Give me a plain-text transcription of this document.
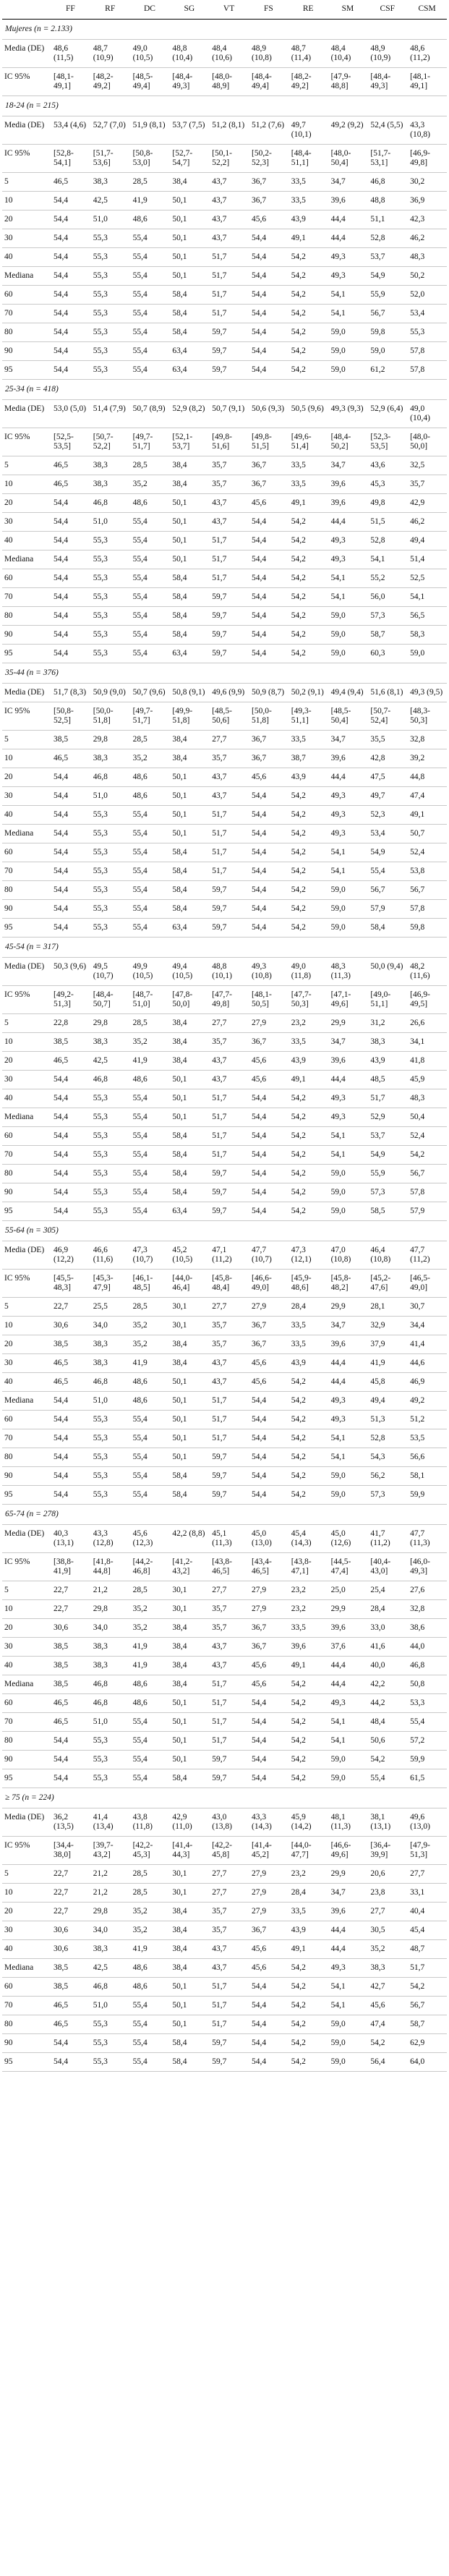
	FF	RF	DC	SG	VT	FS	RE	SM	CSF	CSM
Mujeres (n = 2.133)										
Media (DE)	48,6 (11,5)	48,7 (10,9)	49,0 (10,5)	48,8 (10,4)	48,4 (10,6)	48,9 (10,8)	48,7 (11,4)	48,4 (10,4)	48,9 (10,9)	48,6 (11,2)
IC 95%	[48,1-49,1]	[48,2-49,2]	[48,5-49,4]	[48,4-49,3]	[48,0-48,9]	[48,4-49,4]	[48,2-49,2]	[47,9-48,8]	[48,4-49,3]	[48,1-49,1]
18-24 (n = 215)										
Media (DE)	53,4 (4,6)	52,7 (7,0)	51,9 (8,1)	53,7 (7,5)	51,2 (8,1)	51,2 (7,6)	49,7 (10,1)	49,2 (9,2)	52,4 (5,5)	43,3 (10,8)
IC 95%	[52,8-54,1]	[51,7-53,6]	[50,8-53,0]	[52,7-54,7]	[50,1-52,2]	[50,2-52,3]	[48,4-51,1]	[48,0-50,4]	[51,7-53,1]	[46,9-49,8]
5	46,5	38,3	28,5	38,4	43,7	36,7	33,5	34,7	46,8	30,2
10	54,4	42,5	41,9	50,1	43,7	36,7	33,5	39,6	48,8	36,9
20	54,4	51,0	48,6	50,1	43,7	45,6	43,9	44,4	51,1	42,3
30	54,4	55,3	55,4	50,1	43,7	54,4	49,1	44,4	52,8	46,2
40	54,4	55,3	55,4	50,1	51,7	54,4	54,2	49,3	53,7	48,3
Mediana	54,4	55,3	55,4	50,1	51,7	54,4	54,2	49,3	54,9	50,2
60	54,4	55,3	55,4	58,4	51,7	54,4	54,2	54,1	55,9	52,0
70	54,4	55,3	55,4	58,4	51,7	54,4	54,2	54,1	56,7	53,4
80	54,4	55,3	55,4	58,4	59,7	54,4	54,2	59,0	59,8	55,3
90	54,4	55,3	55,4	63,4	59,7	54,4	54,2	59,0	59,0	57,8
95	54,4	55,3	55,4	63,4	59,7	54,4	54,2	59,0	61,2	57,8
25-34 (n = 418)										
Media (DE)	53,0 (5,0)	51,4 (7,9)	50,7 (8,9)	52,9 (8,2)	50,7 (9,1)	50,6 (9,3)	50,5 (9,6)	49,3 (9,3)	52,9 (6,4)	49,0 (10,4)
IC 95%	[52,5-53,5]	[50,7-52,2]	[49,7-51,7]	[52,1-53,7]	[49,8-51,6]	[49,8-51,5]	[49,6-51,4]	[48,4-50,2]	[52,3-53,5]	[48,0-50,0]
5	46,5	38,3	28,5	38,4	35,7	36,7	33,5	34,7	43,6	32,5
10	46,5	38,3	35,2	38,4	35,7	36,7	33,5	39,6	45,3	35,7
20	54,4	46,8	48,6	50,1	43,7	45,6	49,1	39,6	49,8	42,9
30	54,4	51,0	55,4	50,1	43,7	54,4	54,2	44,4	51,5	46,2
40	54,4	55,3	55,4	50,1	51,7	54,4	54,2	49,3	52,8	49,4
Mediana	54,4	55,3	55,4	50,1	51,7	54,4	54,2	49,3	54,1	51,4
60	54,4	55,3	55,4	58,4	51,7	54,4	54,2	54,1	55,2	52,5
70	54,4	55,3	55,4	58,4	59,7	54,4	54,2	54,1	56,0	54,1
80	54,4	55,3	55,4	58,4	59,7	54,4	54,2	59,0	57,3	56,5
90	54,4	55,3	55,4	58,4	59,7	54,4	54,2	59,0	58,7	58,3
95	54,4	55,3	55,4	63,4	59,7	54,4	54,2	59,0	60,3	59,0
35-44 (n = 376)										
Media (DE)	51,7 (8,3)	50,9 (9,0)	50,7 (9,6)	50,8 (9,1)	49,6 (9,9)	50,9 (8,7)	50,2 (9,1)	49,4 (9,4)	51,6 (8,1)	49,3 (9,5)
IC 95%	[50,8-52,5]	[50,0-51,8]	[49,7-51,7]	[49,9-51,8]	[48,5-50,6]	[50,0-51,8]	[49,3-51,1]	[48,5-50,4]	[50,7-52,4]	[48,3-50,3]
5	38,5	29,8	28,5	38,4	27,7	36,7	33,5	34,7	35,5	32,8
10	46,5	38,3	35,2	38,4	35,7	36,7	38,7	39,6	42,8	39,2
20	54,4	46,8	48,6	50,1	43,7	45,6	43,9	44,4	47,5	44,8
30	54,4	51,0	48,6	50,1	43,7	54,4	54,2	49,3	49,7	47,4
40	54,4	55,3	55,4	50,1	51,7	54,4	54,2	49,3	52,3	49,1
Mediana	54,4	55,3	55,4	50,1	51,7	54,4	54,2	49,3	53,4	50,7
60	54,4	55,3	55,4	58,4	51,7	54,4	54,2	54,1	54,9	52,4
70	54,4	55,3	55,4	58,4	51,7	54,4	54,2	54,1	55,4	53,8
80	54,4	55,3	55,4	58,4	59,7	54,4	54,2	59,0	56,7	56,7
90	54,4	55,3	55,4	58,4	59,7	54,4	54,2	59,0	57,9	57,8
95	54,4	55,3	55,4	63,4	59,7	54,4	54,2	59,0	58,4	59,8
45-54 (n = 317)										
Media (DE)	50,3 (9,6)	49,5 (10,7)	49,9 (10,5)	49,4 (10,5)	48,8 (10,1)	49,3 (10,8)	49,0 (11,8)	48,3 (11,3)	50,0 (9,4)	48,2 (11,6)
IC 95%	[49,2-51,3]	[48,4-50,7]	[48,7-51,0]	[47,8-50,0]	[47,7-49,8]	[48,1-50,5]	[47,7-50,3]	[47,1-49,6]	[49,0-51,1]	[46,9-49,5]
5	22,8	29,8	28,5	38,4	27,7	27,9	23,2	29,9	31,2	26,6
10	38,5	38,3	35,2	38,4	35,7	36,7	33,5	34,7	38,3	34,1
20	46,5	42,5	41,9	38,4	43,7	45,6	43,9	39,6	43,9	41,8
30	54,4	46,8	48,6	50,1	43,7	45,6	49,1	44,4	48,5	45,9
40	54,4	55,3	55,4	50,1	51,7	54,4	54,2	49,3	51,7	48,3
Mediana	54,4	55,3	55,4	50,1	51,7	54,4	54,2	49,3	52,9	50,4
60	54,4	55,3	55,4	58,4	51,7	54,4	54,2	54,1	53,7	52,4
70	54,4	55,3	55,4	58,4	51,7	54,4	54,2	54,1	54,9	54,2
80	54,4	55,3	55,4	58,4	59,7	54,4	54,2	59,0	55,9	56,7
90	54,4	55,3	55,4	58,4	59,7	54,4	54,2	59,0	57,3	57,8
95	54,4	55,3	55,4	63,4	59,7	54,4	54,2	59,0	58,5	57,9
55-64 (n = 305)										
Media (DE)	46,9 (12,2)	46,6 (11,6)	47,3 (10,7)	45,2 (10,5)	47,1 (11,2)	47,7 (10,7)	47,3 (12,1)	47,0 (10,8)	46,4 (10,8)	47,7 (11,2)
IC 95%	[45,5-48,3]	[45,3-47,9]	[46,1-48,5]	[44,0-46,4]	[45,8-48,4]	[46,6-49,0]	[45,9-48,6]	[45,8-48,2]	[45,2-47,6]	[46,5-49,0]
5	22,7	25,5	28,5	30,1	27,7	27,9	28,4	29,9	28,1	30,7
10	30,6	34,0	35,2	30,1	35,7	36,7	33,5	34,7	32,9	34,4
20	38,5	38,3	35,2	38,4	35,7	36,7	33,5	39,6	37,9	41,4
30	46,5	38,3	41,9	38,4	43,7	45,6	43,9	44,4	41,9	44,6
40	46,5	46,8	48,6	50,1	43,7	45,6	54,2	44,4	45,8	46,9
Mediana	54,4	51,0	48,6	50,1	51,7	54,4	54,2	49,3	49,4	49,2
60	54,4	55,3	55,4	50,1	51,7	54,4	54,2	49,3	51,3	51,2
70	54,4	55,3	55,4	50,1	51,7	54,4	54,2	54,1	52,8	53,5
80	54,4	55,3	55,4	50,1	59,7	54,4	54,2	54,1	54,3	56,6
90	54,4	55,3	55,4	58,4	59,7	54,4	54,2	59,0	56,2	58,1
95	54,4	55,3	55,4	58,4	59,7	54,4	54,2	59,0	57,3	59,9
65-74 (n = 278)										
Media (DE)	40,3 (13,1)	43,3 (12,8)	45,6 (12,3)	42,2 (8,8)	45,1 (11,3)	45,0 (13,0)	45,4 (14,3)	45,0 (12,6)	41,7 (11,2)	47,7 (11,3)
IC 95%	[38,8-41,9]	[41,8-44,8]	[44,2-46,8]	[41,2-43,2]	[43,8-46,5]	[43,4-46,5]	[43,8-47,1]	[44,5-47,4]	[40,4-43,0]	[46,0-49,3]
5	22,7	21,2	28,5	30,1	27,7	27,9	23,2	25,0	25,4	27,6
10	22,7	29,8	35,2	30,1	35,7	27,9	23,2	29,9	28,4	32,8
20	30,6	34,0	35,2	38,4	35,7	36,7	33,5	39,6	33,0	38,6
30	38,5	38,3	41,9	38,4	43,7	36,7	39,6	37,6	41,6	44,0
40	38,5	38,3	41,9	38,4	43,7	45,6	49,1	44,4	40,0	46,8
Mediana	38,5	46,8	48,6	38,4	51,7	45,6	54,2	44,4	42,2	50,8
60	46,5	46,8	48,6	50,1	51,7	54,4	54,2	49,3	44,2	53,3
70	46,5	51,0	55,4	50,1	51,7	54,4	54,2	54,1	48,4	55,4
80	54,4	55,3	55,4	50,1	51,7	54,4	54,2	54,1	50,6	57,2
90	54,4	55,3	55,4	50,1	59,7	54,4	54,2	59,0	54,2	59,9
95	54,4	55,3	55,4	58,4	59,7	54,4	54,2	59,0	55,4	61,5
≥ 75 (n = 224)										
Media (DE)	36,2 (13,5)	41,4 (13,4)	43,8 (11,8)	42,9 (11,0)	43,0 (13,8)	43,3 (14,3)	45,9 (14,2)	48,1 (11,3)	38,1 (13,1)	49,6 (13,0)
IC 95%	[34,4-38,0]	[39,7-43,2]	[42,2-45,3]	[41,4-44,3]	[42,2-45,8]	[41,4-45,2]	[44,0-47,7]	[46,6-49,6]	[36,4-39,9]	[47,9-51,3]
5	22,7	21,2	28,5	30,1	27,7	27,9	23,2	29,9	20,6	27,7
10	22,7	21,2	28,5	30,1	27,7	27,9	28,4	34,7	23,8	33,1
20	22,7	29,8	35,2	38,4	35,7	27,9	33,5	39,6	27,7	40,4
30	30,6	34,0	35,2	38,4	35,7	36,7	43,9	44,4	30,5	45,4
40	30,6	38,3	41,9	38,4	43,7	45,6	49,1	44,4	35,2	48,7
Mediana	38,5	42,5	48,6	38,4	43,7	45,6	54,2	49,3	38,3	51,7
60	38,5	46,8	48,6	50,1	51,7	54,4	54,2	54,1	42,7	54,2
70	46,5	51,0	55,4	50,1	51,7	54,4	54,2	54,1	45,6	56,7
80	46,5	55,3	55,4	50,1	51,7	54,4	54,2	59,0	47,4	58,7
90	54,4	55,3	55,4	58,4	59,7	54,4	54,2	59,0	54,2	62,9
95	54,4	55,3	55,4	58,4	59,7	54,4	54,2	59,0	56,4	64,0
